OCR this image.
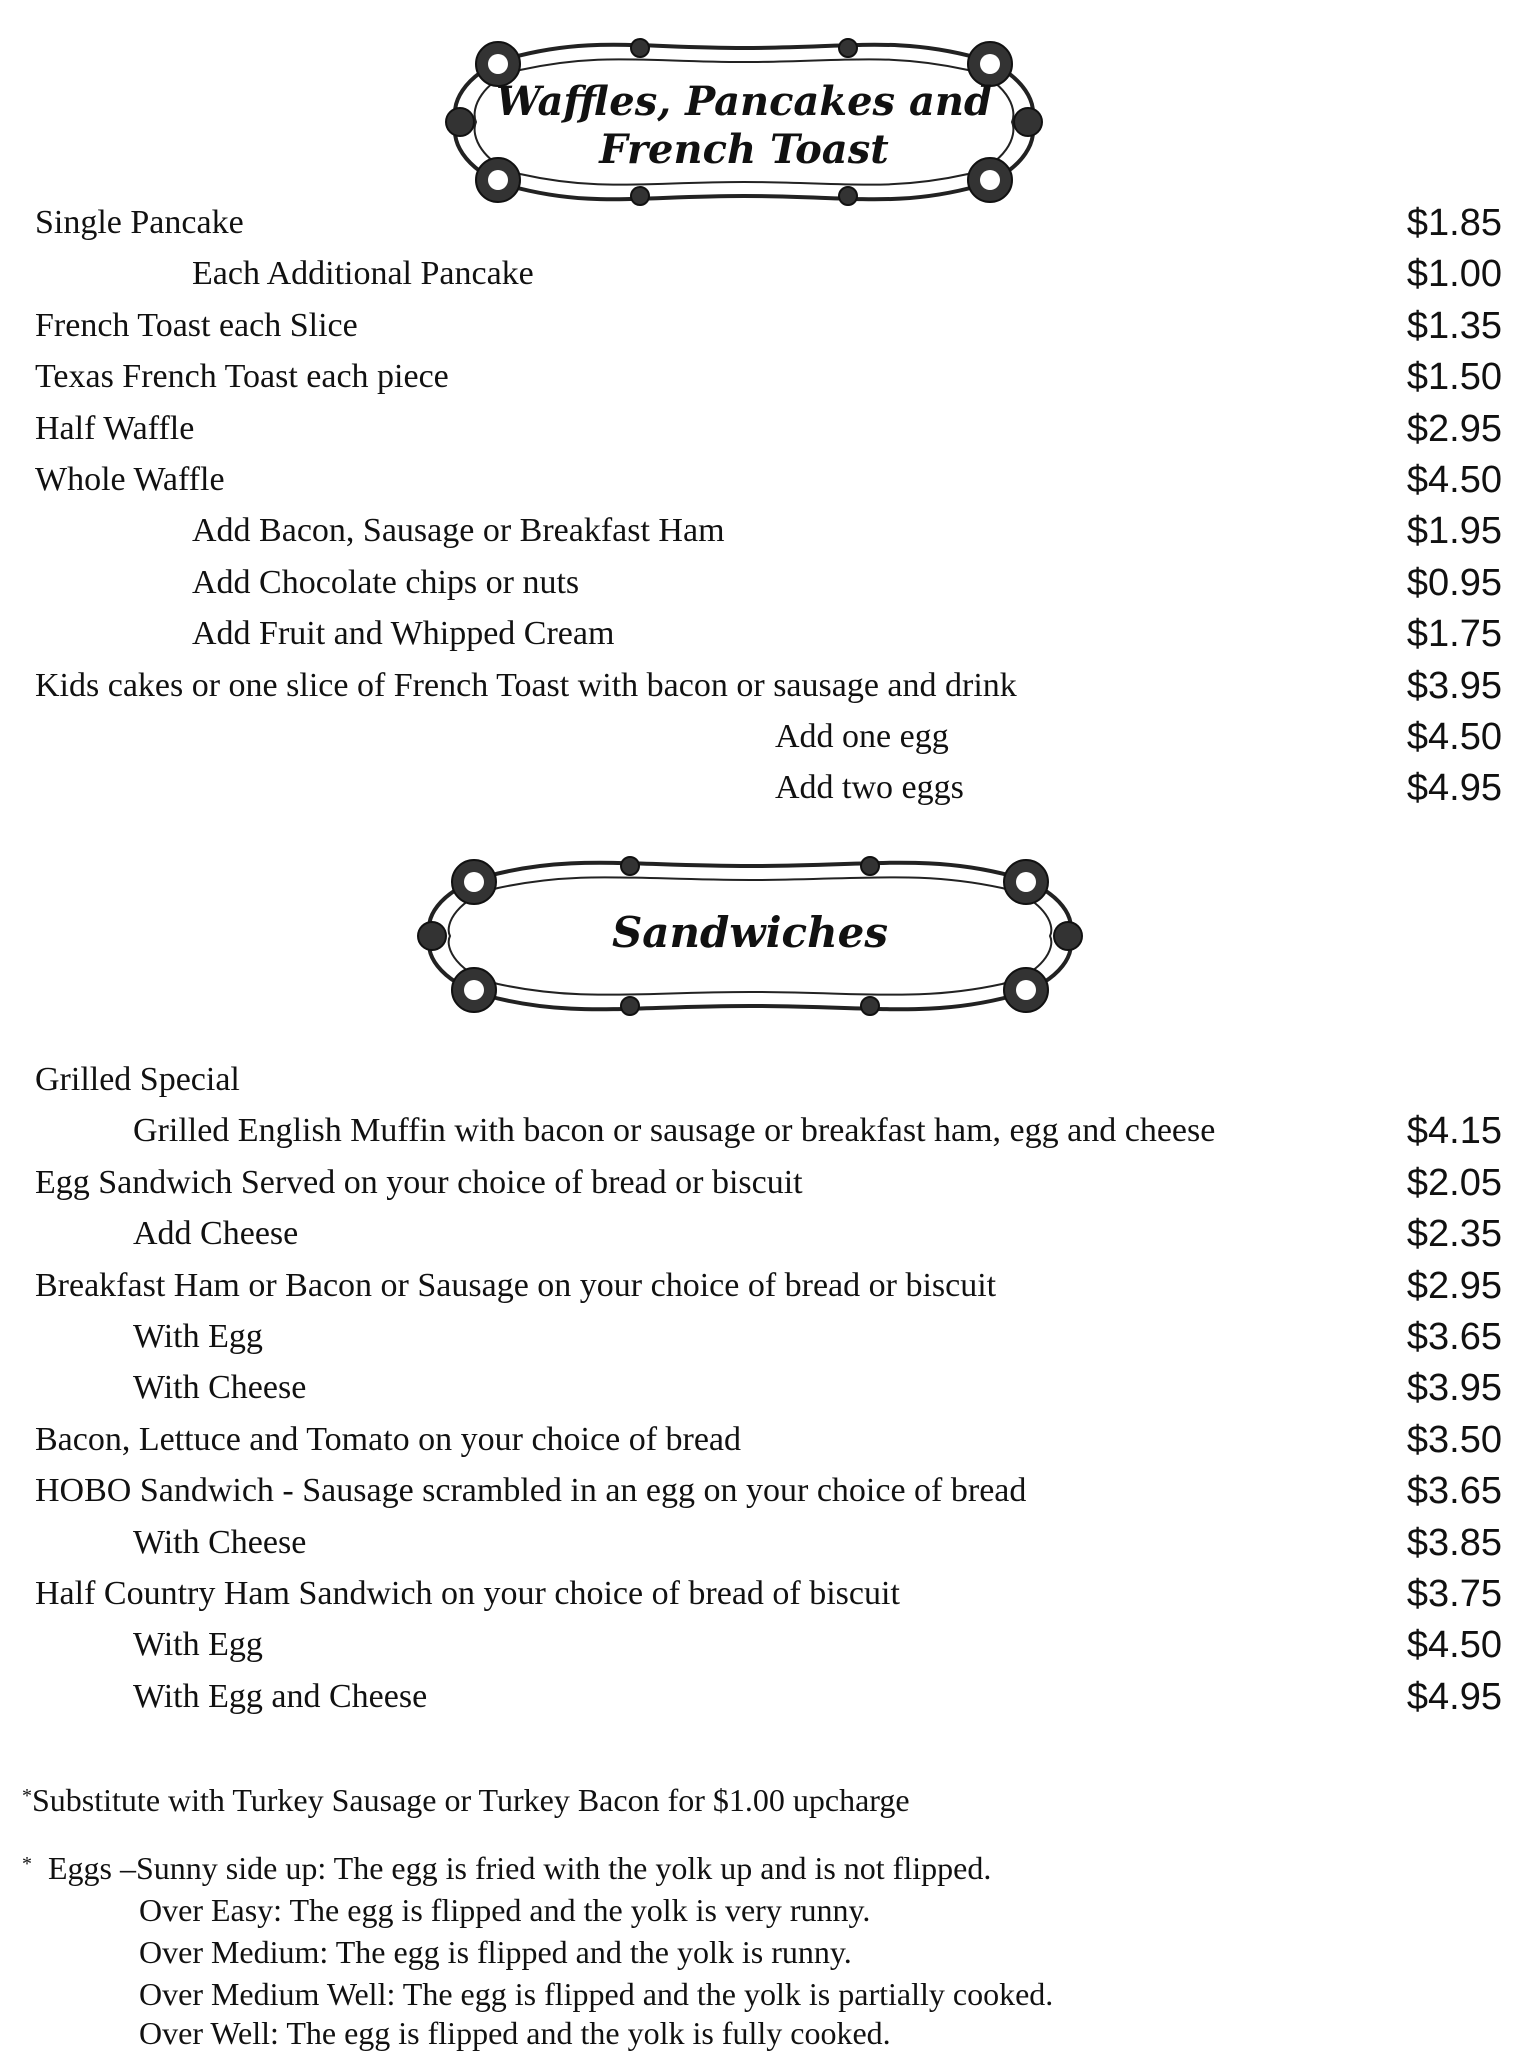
Waffles, Pancakes and
French Toast
Single Pancake	$1.85
Each Additional Pancake	$1.00
French Toast each Slice	$1.35
Texas French Toast each piece	$1.50
Half Waffle	$2.95
Whole Waffle	$4.50
Add Bacon, Sausage or Breakfast Ham	$1.95
Add Chocolate chips or nuts	$0.95
Add Fruit and Whipped Cream	$1.75
Kids cakes or one slice of French Toast with bacon or sausage and drink	$3.95
Add one egg	$4.50
Add two eggs	$4.95
Sandwiches
Grilled Special
Grilled English Muffin with bacon or sausage or breakfast ham, egg and cheese	$4.15
Egg Sandwich Served on your choice of bread or biscuit	$2.05
Add Cheese	$2.35
Breakfast Ham or Bacon or Sausage on your choice of bread or biscuit	$2.95
With Egg	$3.65
With Cheese	$3.95
Bacon, Lettuce and Tomato on your choice of bread	$3.50
HOBO Sandwich - Sausage scrambled in an egg on your choice of bread	$3.65
With Cheese	$3.85
Half Country Ham Sandwich on your choice of bread of biscuit	$3.75
With Egg	$4.50
With Egg and Cheese	$4.95
*Substitute with Turkey Sausage or Turkey Bacon for $1.00 upcharge
* Eggs –Sunny side up: The egg is fried with the yolk up and is not flipped.
Over Easy: The egg is flipped and the yolk is very runny.
Over Medium: The egg is flipped and the yolk is runny.
Over Medium Well: The egg is flipped and the yolk is partially cooked.
Over Well: The egg is flipped and the yolk is fully cooked.
